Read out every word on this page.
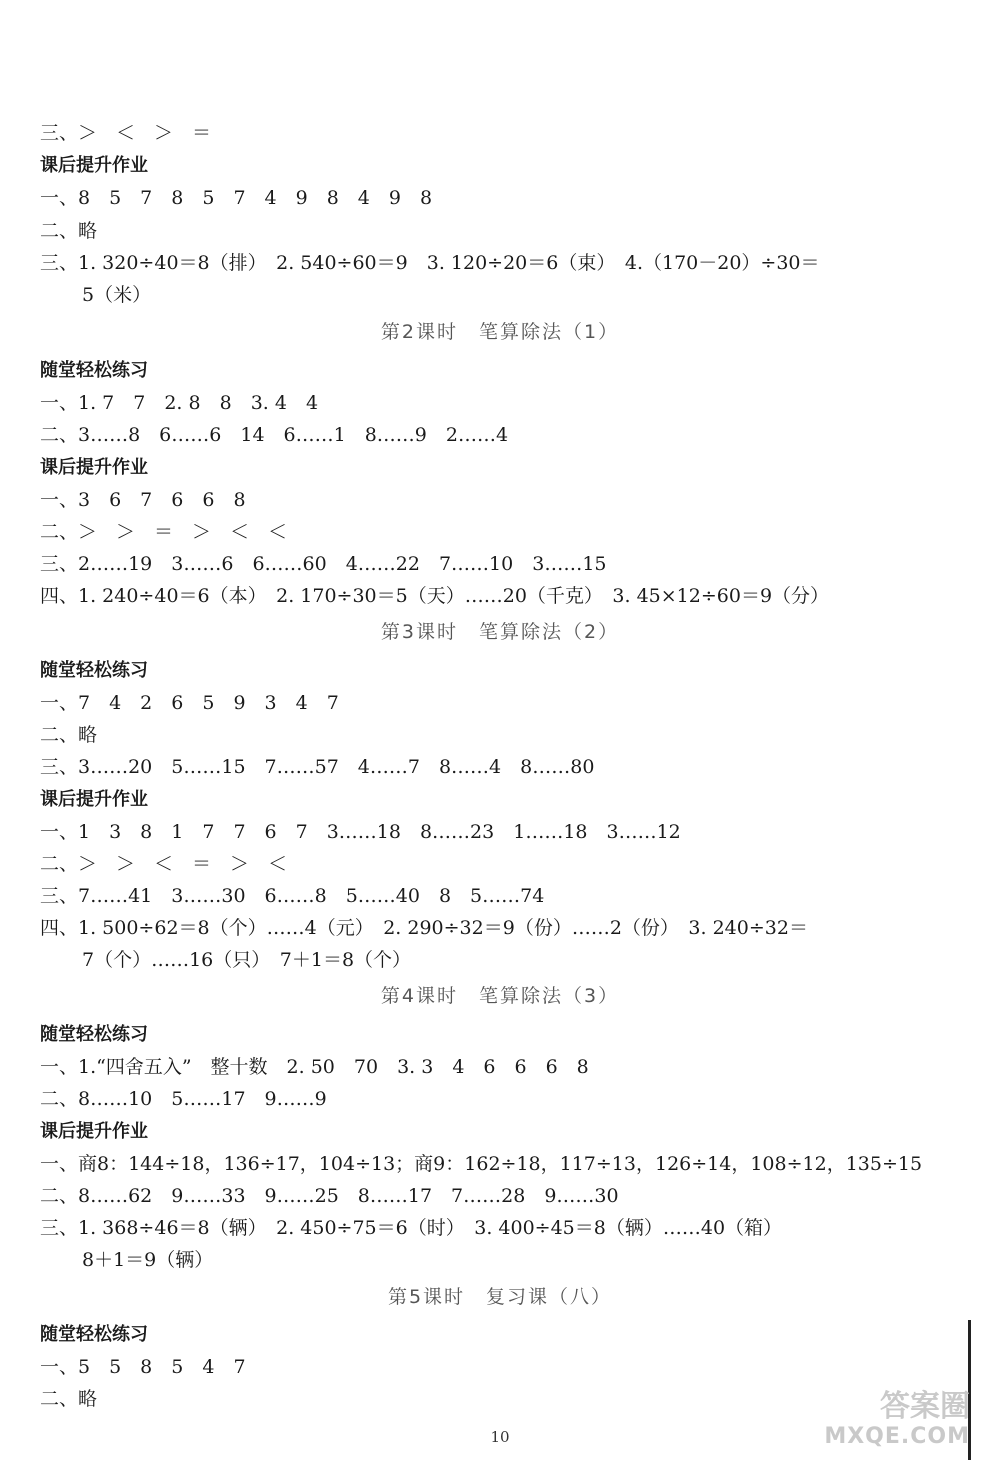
三、＞　＜　＞　＝
课后提升作业
一、8　5　7　8　5　7　4　9　8　4　9　8
二、略
三、1. 320÷40＝8（排）　2. 540÷60＝9　3. 120÷20＝6（束）　4.（170－20）÷30＝
5（米）
第2课时　笔算除法（1）
随堂轻松练习
一、1. 7　7　2. 8　8　3. 4　4
二、3……8　6……6　14　6……1　8……9　2……4
课后提升作业
一、3　6　7　6　6　8
二、＞　＞　＝　＞　＜　＜
三、2……19　3……6　6……60　4……22　7……10　3……15
四、1. 240÷40＝6（本）　2. 170÷30＝5（天）……20（千克）　3. 45×12÷60＝9（分）
第3课时　笔算除法（2）
随堂轻松练习
一、7　4　2　6　5　9　3　4　7
二、略
三、3……20　5……15　7……57　4……7　8……4　8……80
课后提升作业
一、1　3　8　1　7　7　6　7　3……18　8……23　1……18　3……12
二、＞　＞　＜　＝　＞　＜
三、7……41　3……30　6……8　5……40　8　5……74
四、1. 500÷62＝8（个）……4（元）　2. 290÷32＝9（份）……2（份）　3. 240÷32＝
7（个）……16（只）　7＋1＝8（个）
第4课时　笔算除法（3）
随堂轻松练习
一、1.“四舍五入”　整十数　2. 50　70　3. 3　4　6　6　6　8
二、8……10　5……17　9……9
课后提升作业
一、商8：144÷18，136÷17，104÷13；商9：162÷18，117÷13，126÷14，108÷12，135÷15
二、8……62　9……33　9……25　8……17　7……28　9……30
三、1. 368÷46＝8（辆）　2. 450÷75＝6（时）　3. 400÷45＝8（辆）……40（箱）
8＋1＝9（辆）
第5课时　复习课（八）
随堂轻松练习
一、5　5　8　5　4　7
二、略
10
答案圈
MXQE.COM
